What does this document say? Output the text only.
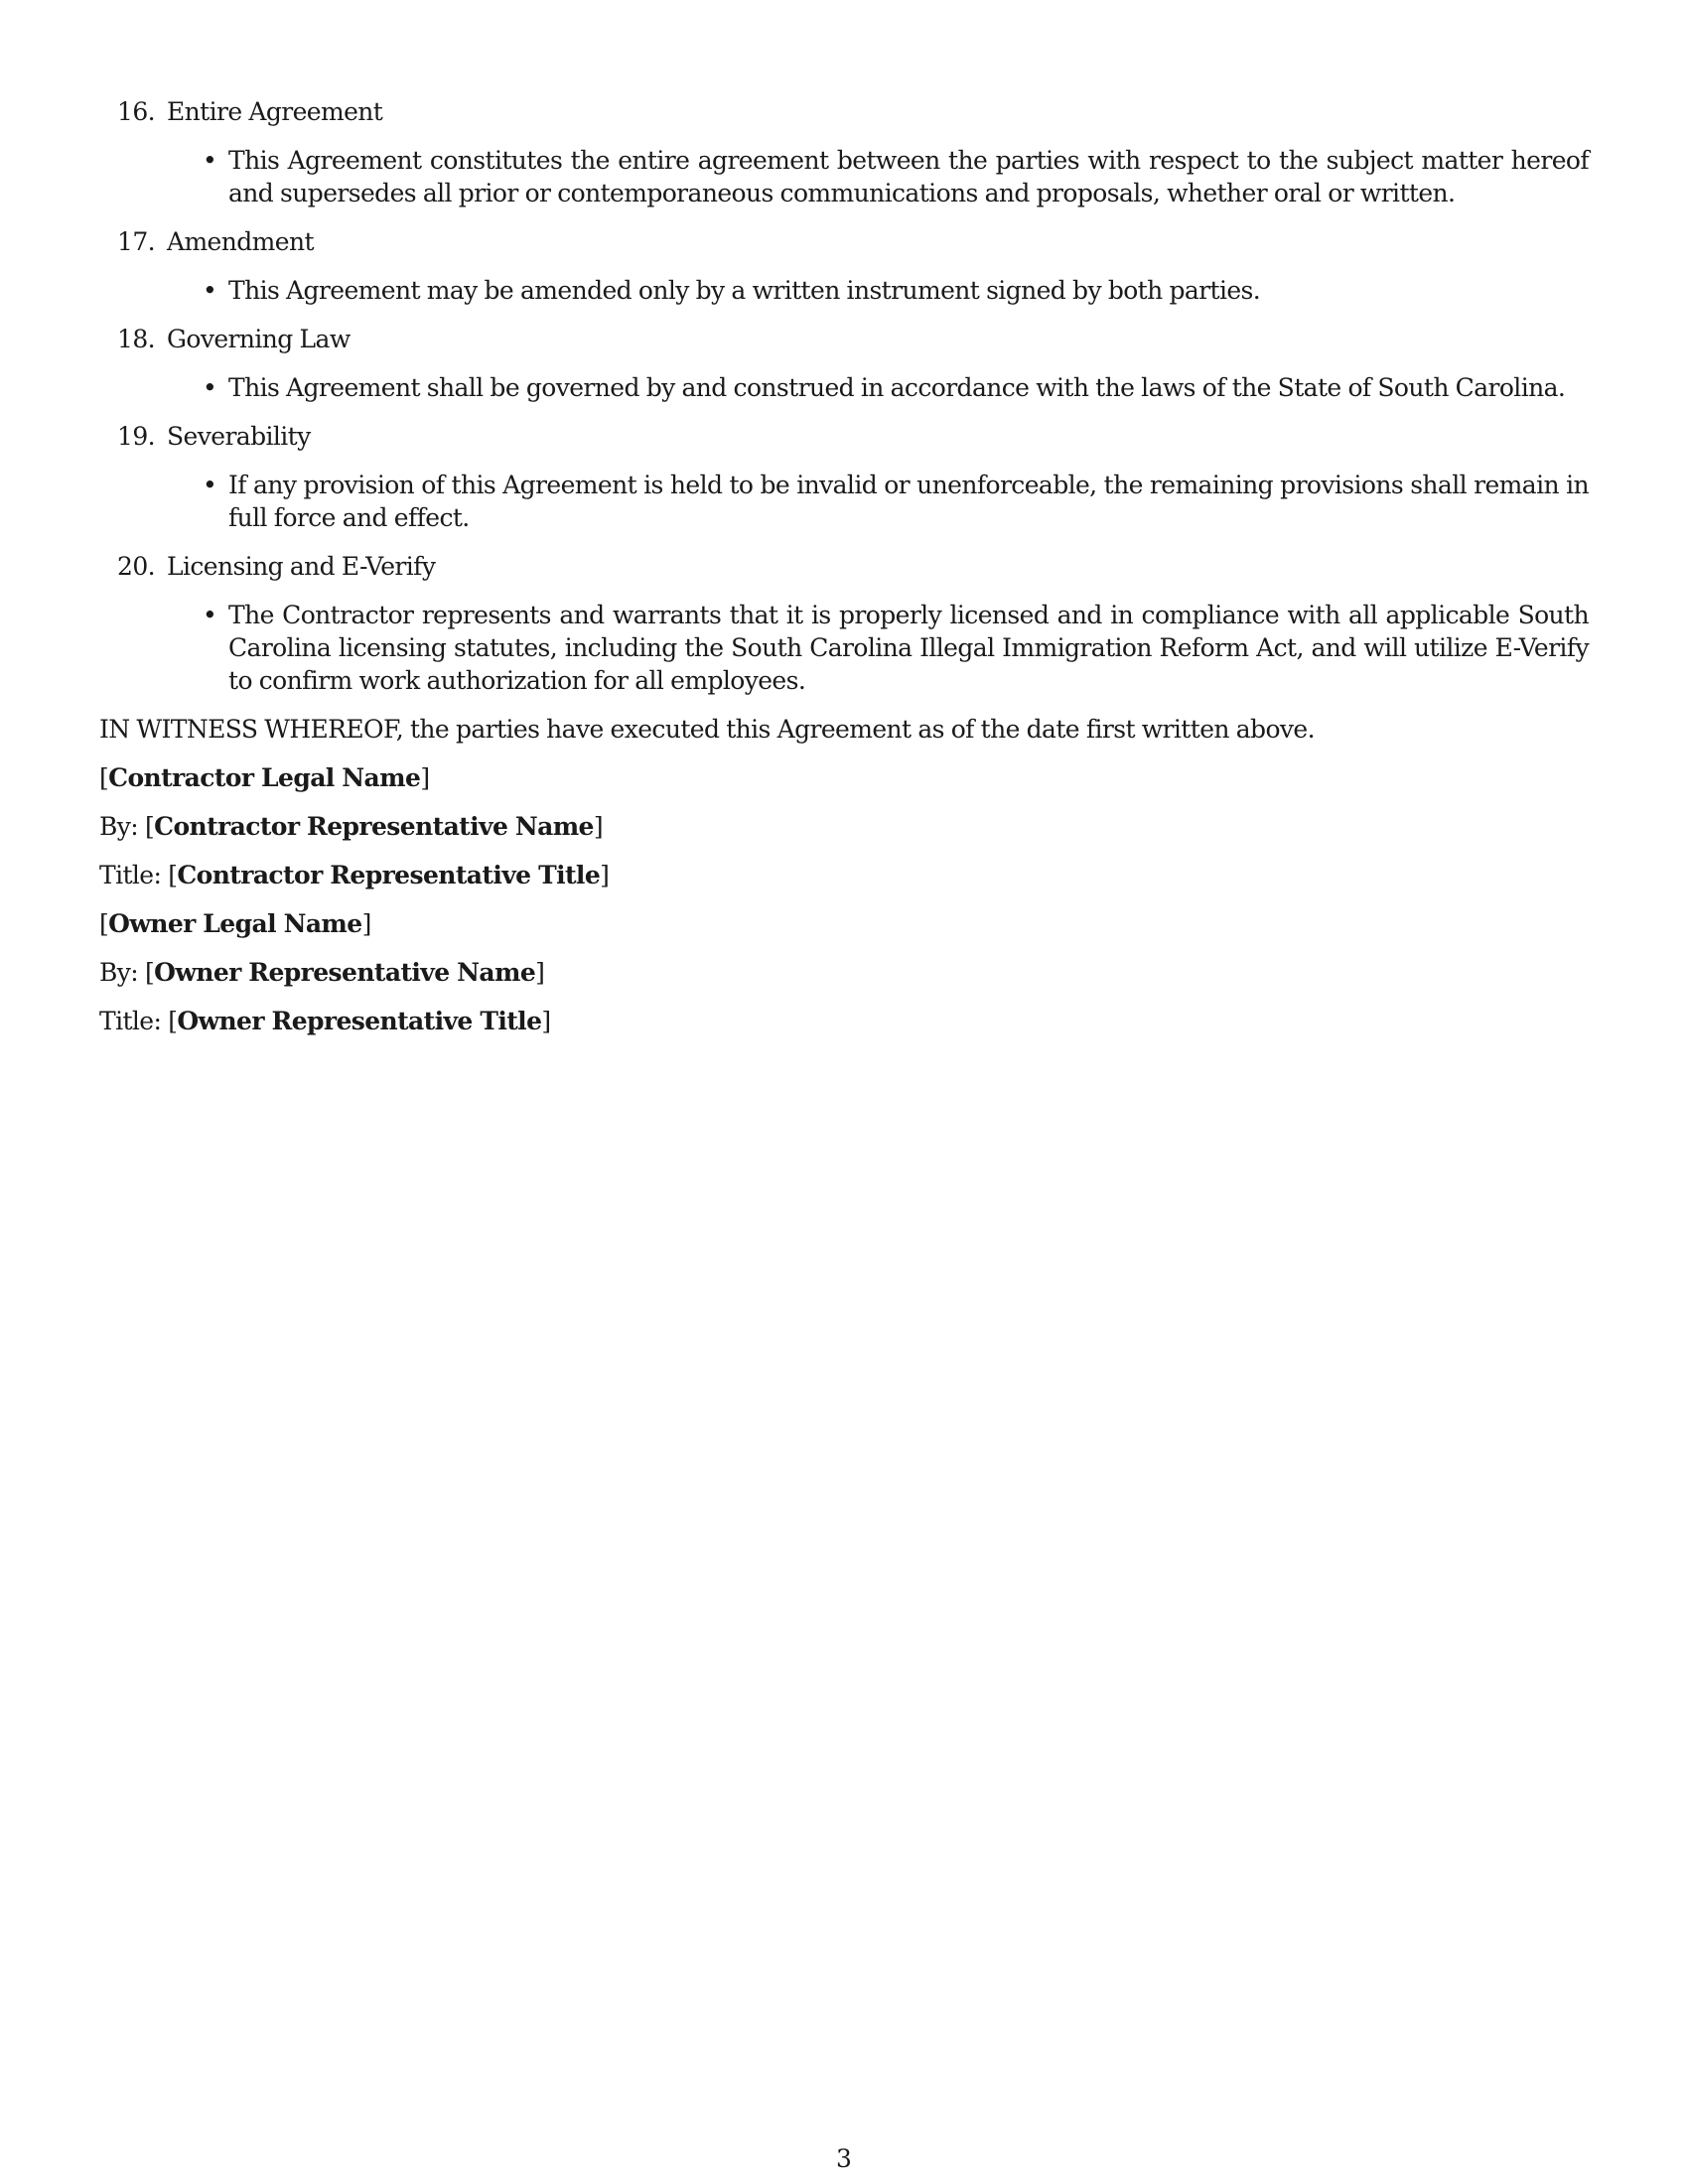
16. Entire Agreement
• This Agreement constitutes the entire agreement between the parties with respect to the subject matter hereof and supersedes all prior or contemporaneous communications and proposals, whether oral or written.
17. Amendment
• This Agreement may be amended only by a written instrument signed by both parties.
18. Governing Law
• This Agreement shall be governed by and construed in accordance with the laws of the State of South Carolina.
19. Severability
• If any provision of this Agreement is held to be invalid or unenforceable, the remaining provisions shall remain in full force and effect.
20. Licensing and E-Verify
• The Contractor represents and warrants that it is properly licensed and in compliance with all applicable South Carolina licensing statutes, including the South Carolina Illegal Immigration Reform Act, and will utilize E-Verify to confirm work authorization for all employees.

IN WITNESS WHEREOF, the parties have executed this Agreement as of the date first written above.

[Contractor Legal Name]

By: [Contractor Representative Name]

Title: [Contractor Representative Title]

[Owner Legal Name]

By: [Owner Representative Name]

Title: [Owner Representative Title]

3
